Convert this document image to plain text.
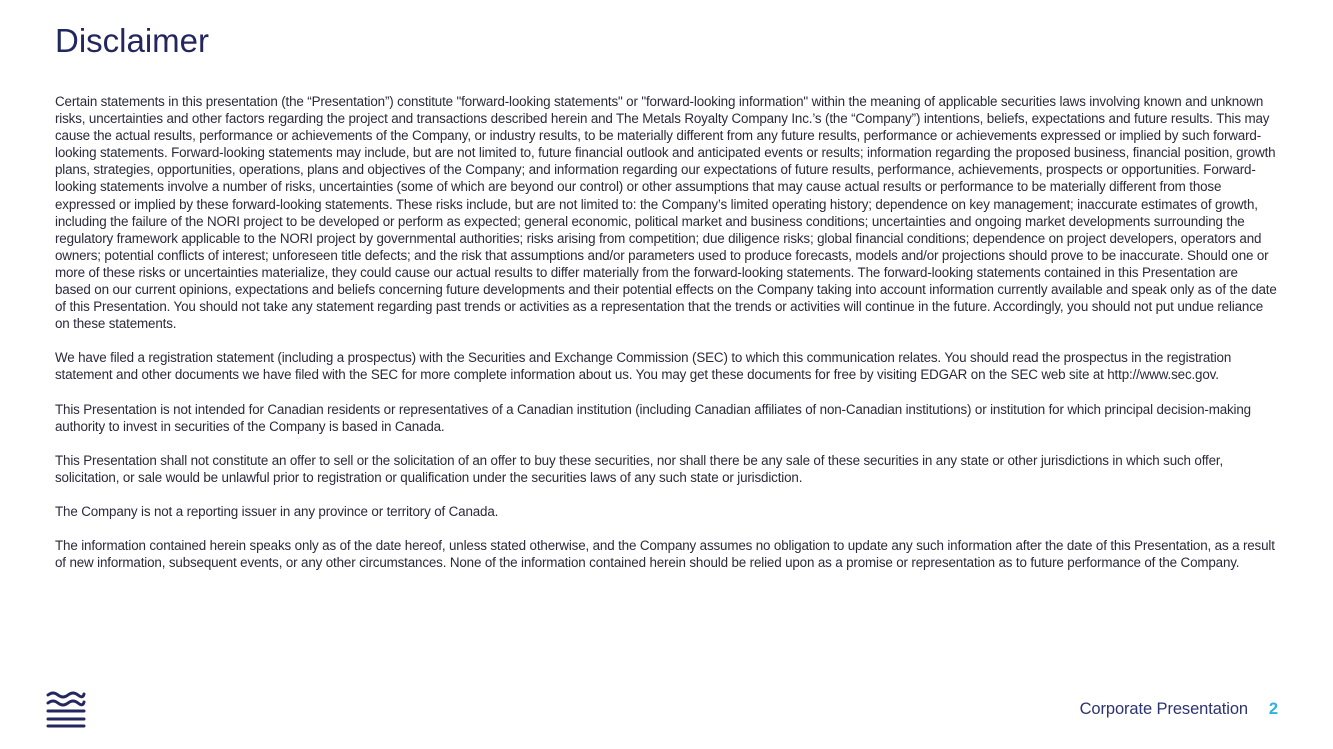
Disclaimer

Certain statements in this presentation (the “Presentation”) constitute "forward-looking statements" or "forward-looking information" within the meaning of applicable securities laws involving known and unknown risks, uncertainties and other factors regarding the project and transactions described herein and The Metals Royalty Company Inc.’s (the “Company”) intentions, beliefs, expectations and future results. This may cause the actual results, performance or achievements of the Company, or industry results, to be materially different from any future results, performance or achievements expressed or implied by such forward-looking statements. Forward-looking statements may include, but are not limited to, future financial outlook and anticipated events or results; information regarding the proposed business, financial position, growth plans, strategies, opportunities, operations, plans and objectives of the Company; and information regarding our expectations of future results, performance, achievements, prospects or opportunities. Forward-looking statements involve a number of risks, uncertainties (some of which are beyond our control) or other assumptions that may cause actual results or performance to be materially different from those expressed or implied by these forward-looking statements. These risks include, but are not limited to: the Company’s limited operating history; dependence on key management; inaccurate estimates of growth, including the failure of the NORI project to be developed or perform as expected; general economic, political market and business conditions; uncertainties and ongoing market developments surrounding the regulatory framework applicable to the NORI project by governmental authorities; risks arising from competition; due diligence risks; global financial conditions; dependence on project developers, operators and owners; potential conflicts of interest; unforeseen title defects; and the risk that assumptions and/or parameters used to produce forecasts, models and/or projections should prove to be inaccurate. Should one or more of these risks or uncertainties materialize, they could cause our actual results to differ materially from the forward-looking statements. The forward-looking statements contained in this Presentation are based on our current opinions, expectations and beliefs concerning future developments and their potential effects on the Company taking into account information currently available and speak only as of the date of this Presentation. You should not take any statement regarding past trends or activities as a representation that the trends or activities will continue in the future. Accordingly, you should not put undue reliance on these statements.

We have filed a registration statement (including a prospectus) with the Securities and Exchange Commission (SEC) to which this communication relates. You should read the prospectus in the registration statement and other documents we have filed with the SEC for more complete information about us. You may get these documents for free by visiting EDGAR on the SEC web site at http://www.sec.gov.

This Presentation is not intended for Canadian residents or representatives of a Canadian institution (including Canadian affiliates of non-Canadian institutions) or institution for which principal decision-making authority to invest in securities of the Company is based in Canada.

This Presentation shall not constitute an offer to sell or the solicitation of an offer to buy these securities, nor shall there be any sale of these securities in any state or other jurisdictions in which such offer, solicitation, or sale would be unlawful prior to registration or qualification under the securities laws of any such state or jurisdiction.

The Company is not a reporting issuer in any province or territory of Canada.

The information contained herein speaks only as of the date hereof, unless stated otherwise, and the Company assumes no obligation to update any such information after the date of this Presentation, as a result of new information, subsequent events, or any other circumstances. None of the information contained herein should be relied upon as a promise or representation as to future performance of the Company.

Corporate Presentation 2
